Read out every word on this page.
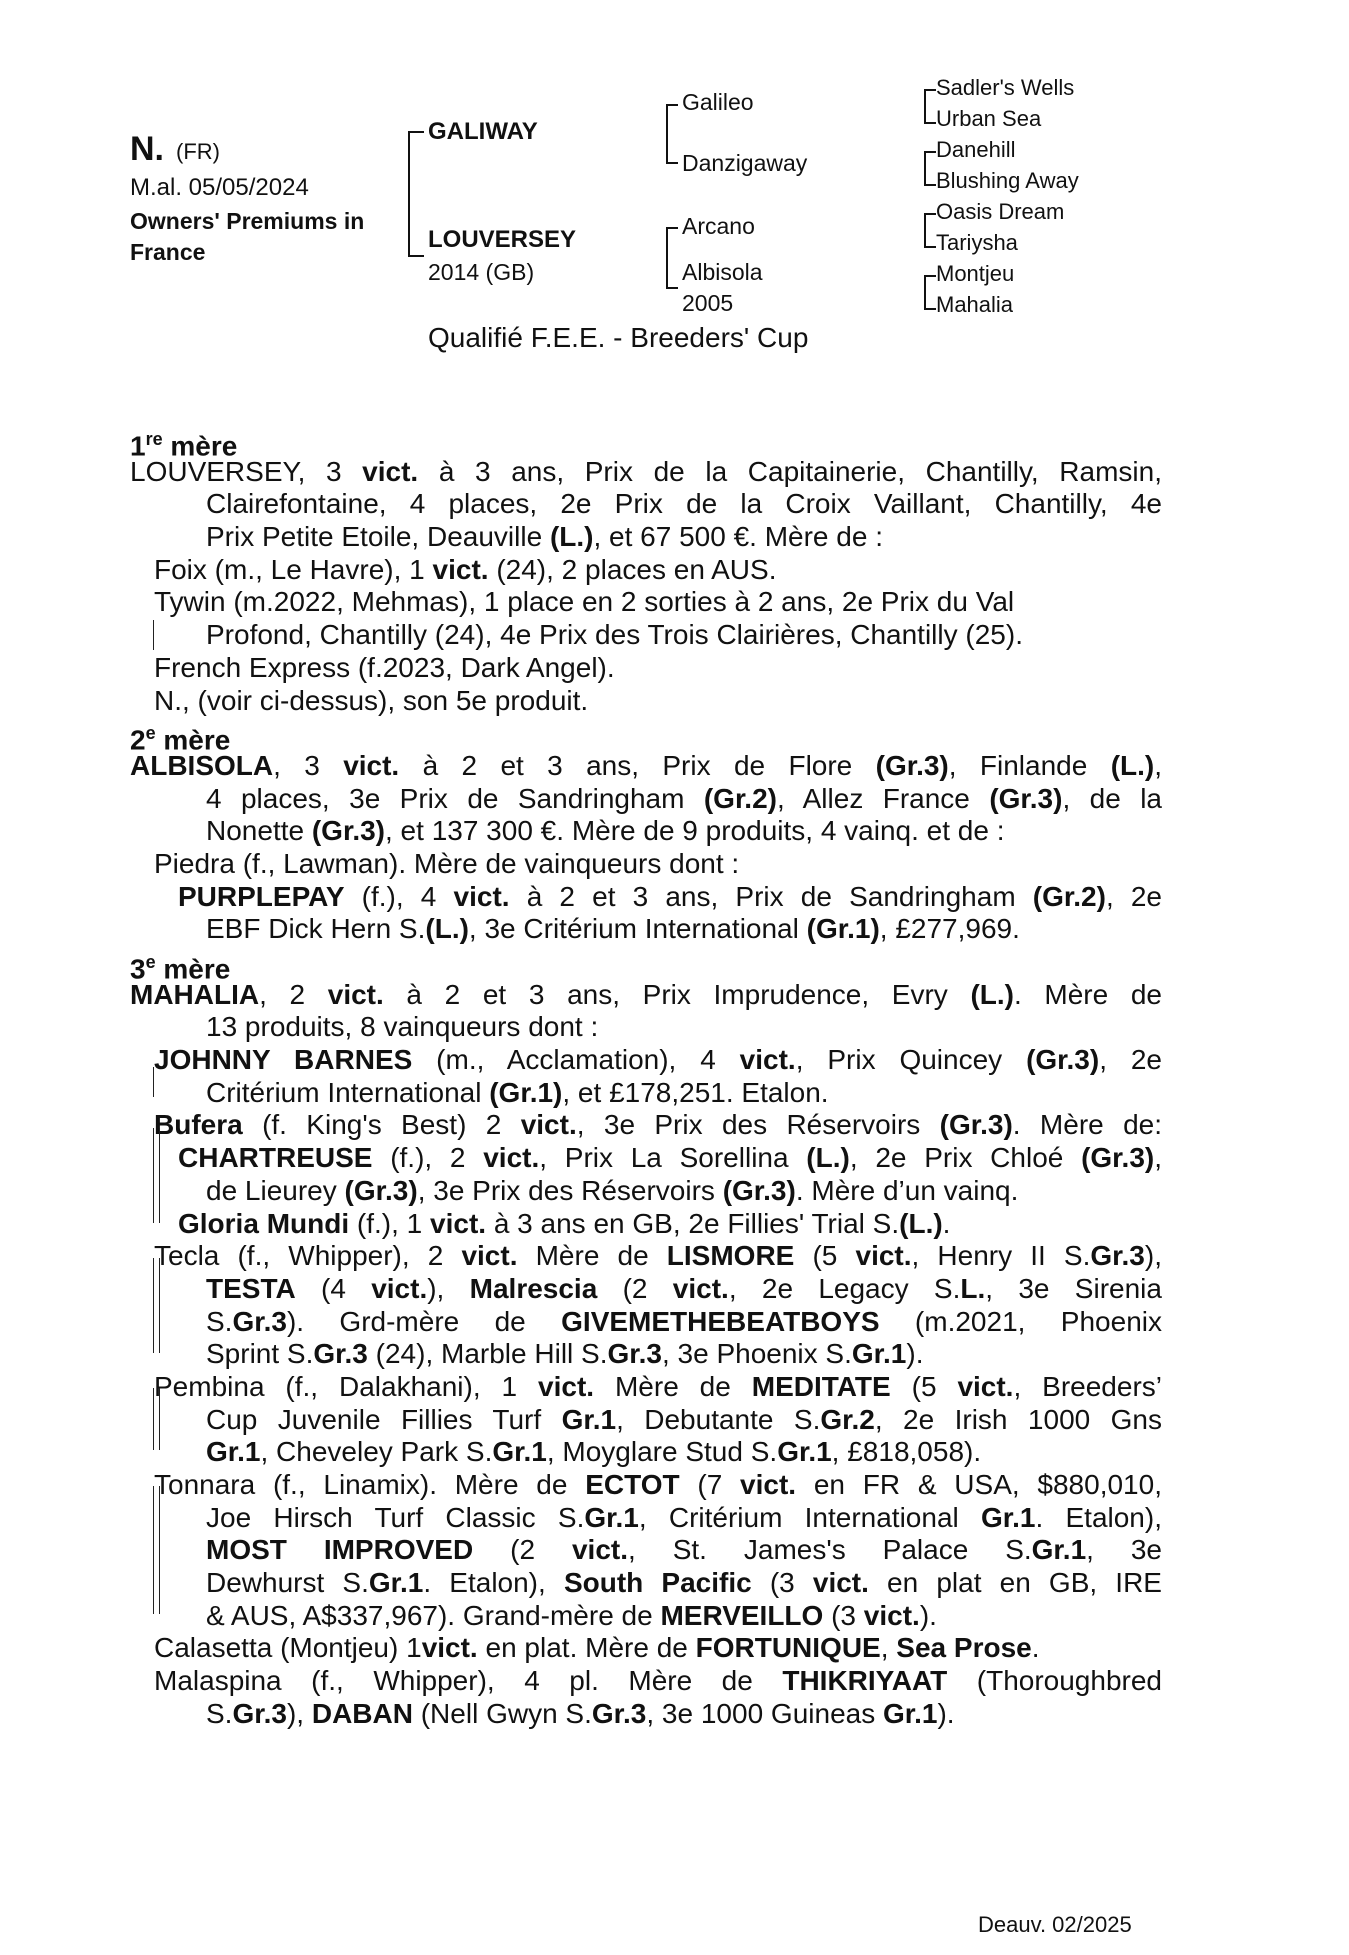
N. (FR)
M.al. 05/05/2024
Owners' Premiums in France
GALIWAY
LOUVERSEY
2014 (GB)
Galileo
Danzigaway
Arcano
Albisola
2005
Sadler's Wells
Urban Sea
Danehill
Blushing Away
Oasis Dream
Tariysha
Montjeu
Mahalia
Qualifié F.E.E. - Breeders' Cup
1re mère
LOUVERSEY, 3 vict. à 3 ans, Prix de la Capitainerie, Chantilly, Ramsin,
Clairefontaine, 4 places, 2e Prix de la Croix Vaillant, Chantilly, 4e
Prix Petite Etoile, Deauville (L.), et 67 500 €. Mère de :
Foix (m., Le Havre), 1 vict. (24), 2 places en AUS.
Tywin (m.2022, Mehmas), 1 place en 2 sorties à 2 ans, 2e Prix du Val
Profond, Chantilly (24), 4e Prix des Trois Clairières, Chantilly (25).
French Express (f.2023, Dark Angel).
N., (voir ci-dessus), son 5e produit.
2e mère
ALBISOLA, 3 vict. à 2 et 3 ans, Prix de Flore (Gr.3), Finlande (L.),
4 places, 3e Prix de Sandringham (Gr.2), Allez France (Gr.3), de la
Nonette (Gr.3), et 137 300 €. Mère de 9 produits, 4 vainq. et de :
Piedra (f., Lawman). Mère de vainqueurs dont :
PURPLEPAY (f.), 4 vict. à 2 et 3 ans, Prix de Sandringham (Gr.2), 2e
EBF Dick Hern S.(L.), 3e Critérium International (Gr.1), £277,969.
3e mère
MAHALIA, 2 vict. à 2 et 3 ans, Prix Imprudence, Evry (L.). Mère de
13 produits, 8 vainqueurs dont :
JOHNNY BARNES (m., Acclamation), 4 vict., Prix Quincey (Gr.3), 2e
Critérium International (Gr.1), et £178,251. Etalon.
Bufera (f. King's Best) 2 vict., 3e Prix des Réservoirs (Gr.3). Mère de:
CHARTREUSE (f.), 2 vict., Prix La Sorellina (L.), 2e Prix Chloé (Gr.3),
de Lieurey (Gr.3), 3e Prix des Réservoirs (Gr.3). Mère d’un vainq.
Gloria Mundi (f.), 1 vict. à 3 ans en GB, 2e Fillies' Trial S.(L.).
Tecla (f., Whipper), 2 vict. Mère de LISMORE (5 vict., Henry II S.Gr.3),
TESTA (4 vict.), Malrescia (2 vict., 2e Legacy S.L., 3e Sirenia
S.Gr.3). Grd-mère de GIVEMETHEBEATBOYS (m.2021, Phoenix
Sprint S.Gr.3 (24), Marble Hill S.Gr.3, 3e Phoenix S.Gr.1).
Pembina (f., Dalakhani), 1 vict. Mère de MEDITATE (5 vict., Breeders’
Cup Juvenile Fillies Turf Gr.1, Debutante S.Gr.2, 2e Irish 1000 Gns
Gr.1, Cheveley Park S.Gr.1, Moyglare Stud S.Gr.1, £818,058).
Tonnara (f., Linamix). Mère de ECTOT (7 vict. en FR & USA, $880,010,
Joe Hirsch Turf Classic S.Gr.1, Critérium International Gr.1. Etalon),
MOST IMPROVED (2 vict., St. James's Palace S.Gr.1, 3e
Dewhurst S.Gr.1. Etalon), South Pacific (3 vict. en plat en GB, IRE
& AUS, A$337,967). Grand-mère de MERVEILLO (3 vict.).
Calasetta (Montjeu) 1vict. en plat. Mère de FORTUNIQUE, Sea Prose.
Malaspina (f., Whipper), 4 pl. Mère de THIKRIYAAT (Thoroughbred
S.Gr.3), DABAN (Nell Gwyn S.Gr.3, 3e 1000 Guineas Gr.1).
Deauv. 02/2025
